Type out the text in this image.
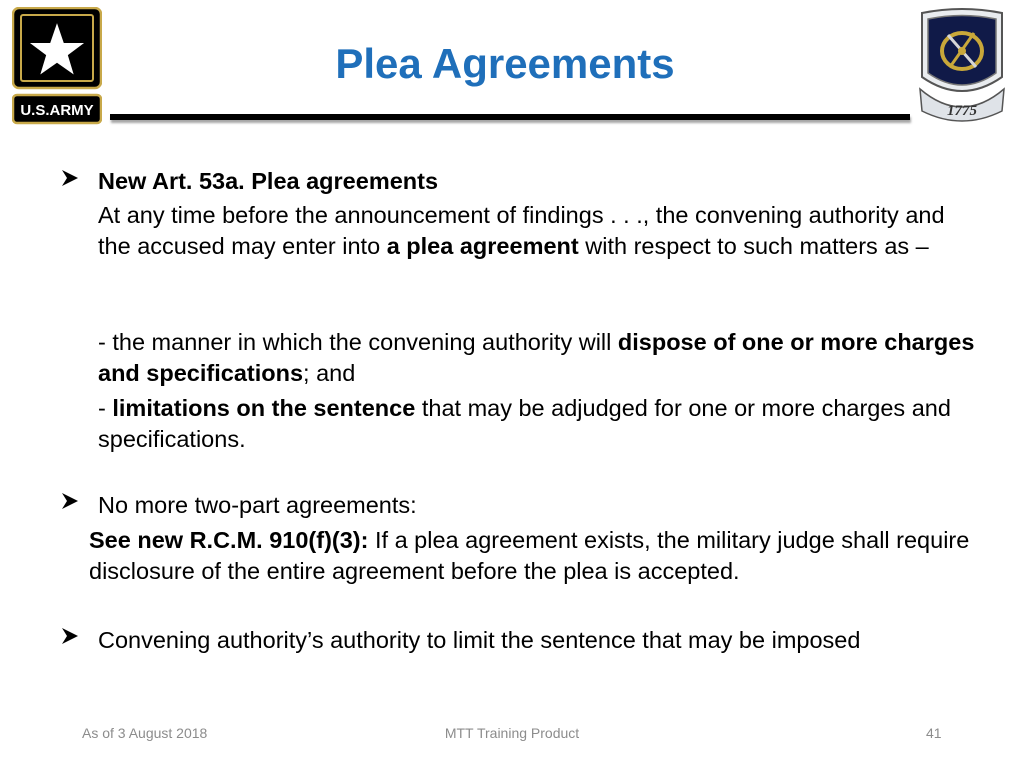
U.S.ARMY	1775
Plea Agreements
New Art. 53a. Plea agreements
At any time before the announcement of findings . . ., the convening authority and the accused may enter into a plea agreement with respect to such matters as –
- the manner in which the convening authority will dispose of one or more charges and specifications; and
- limitations on the sentence that may be adjudged for one or more charges and specifications.
No more two-part agreements:
See new R.C.M. 910(f)(3): If a plea agreement exists, the military judge shall require disclosure of the entire agreement before the plea is accepted.
Convening authority’s authority to limit the sentence that may be imposed
As of 3 August 2018	MTT Training Product	41
